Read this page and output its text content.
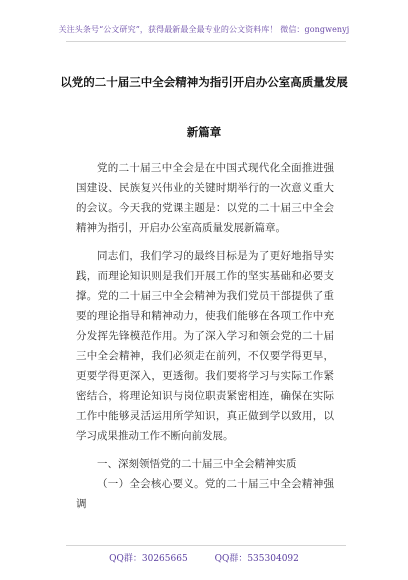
关注头条号“公文研究”，获得最新最全最专业的公文资料库！ 微信：gongwenyj
以党的二十届三中全会精神为指引开启办公室高质量发展
新篇章

党的二十届三中全会是在中国式现代化全面推进强国建设、民族复兴伟业的关键时期举行的一次意义重大的会议。今天我的党课主题是：以党的二十届三中全会精神为指引，开启办公室高质量发展新篇章。

同志们，我们学习的最终目标是为了更好地指导实践，而理论知识则是我们开展工作的坚实基础和必要支撑。党的二十届三中全会精神为我们党员干部提供了重要的理论指导和精神动力，使我们能够在各项工作中充分发挥先锋模范作用。为了深入学习和领会党的二十届三中全会精神，我们必须走在前列，不仅要学得更早，更要学得更深入，更透彻。我们要将学习与实际工作紧密结合，将理论知识与岗位职责紧密相连，确保在实际工作中能够灵活运用所学知识，真正做到学以致用，以学习成果推动工作不断向前发展。

一、深刻领悟党的二十届三中全会精神实质

（一）全会核心要义。党的二十届三中全会精神强调

QQ群：30265665	QQ群：535304092
